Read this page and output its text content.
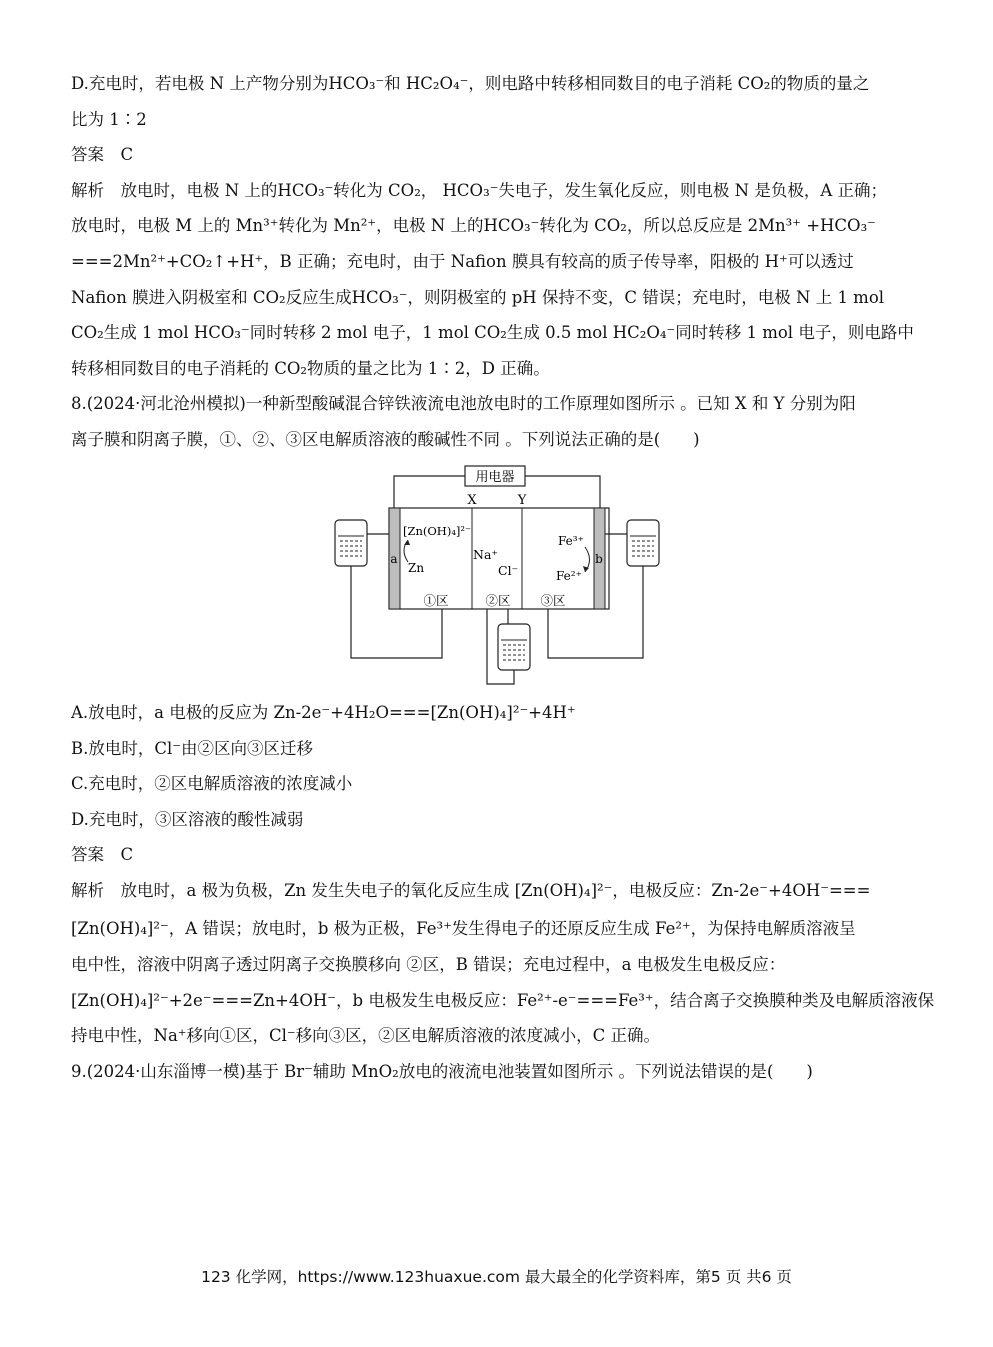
D.充电时，若电极 N 上产物分别为HCO₃⁻和 HC₂O₄⁻，则电路中转移相同数目的电子消耗 CO₂的物质的量之
比为 1∶2
答案　C
解析　放电时，电极 N 上的HCO₃⁻转化为 CO₂， HCO₃⁻失电子，发生氧化反应，则电极 N 是负极，A 正确；
放电时，电极 M 上的 Mn³⁺转化为 Mn²⁺，电极 N 上的HCO₃⁻转化为 CO₂，所以总反应是 2Mn³⁺ +HCO₃⁻
===2Mn²⁺+CO₂↑+H⁺，B 正确；充电时，由于 Nafion 膜具有较高的质子传导率，阳极的 H⁺可以透过
Nafion 膜进入阴极室和 CO₂反应生成HCO₃⁻，则阴极室的 pH 保持不变，C 错误；充电时，电极 N 上 1 mol
CO₂生成 1 mol HCO₃⁻同时转移 2 mol 电子，1 mol CO₂生成 0.5 mol HC₂O₄⁻同时转移 1 mol 电子，则电路中
转移相同数目的电子消耗的 CO₂物质的量之比为 1∶2，D 正确。
8.(2024·河北沧州模拟)一种新型酸碱混合锌铁液流电池放电时的工作原理如图所示 。已知 X 和 Y 分别为阳
离子膜和阴离子膜，①、②、③区电解质溶液的酸碱性不同 。下列说法正确的是(　　)
用电器
X	Y
a	b
[Zn(OH)₄]²⁻
Zn
Na⁺
Cl⁻
Fe³⁺
Fe²⁺
①区	②区 ③区
A.放电时，a 电极的反应为 Zn-2e⁻+4H₂O===[Zn(OH)₄]²⁻+4H⁺
B.放电时，Cl⁻由②区向③区迁移
C.充电时，②区电解质溶液的浓度减小
D.充电时，③区溶液的酸性减弱
答案　C
解析　放电时，a 极为负极，Zn 发生失电子的氧化反应生成 [Zn(OH)₄]²⁻，电极反应：Zn-2e⁻+4OH⁻===
[Zn(OH)₄]²⁻，A 错误；放电时，b 极为正极，Fe³⁺发生得电子的还原反应生成 Fe²⁺，为保持电解质溶液呈
电中性，溶液中阴离子透过阴离子交换膜移向 ②区，B 错误；充电过程中，a 电极发生电极反应：
[Zn(OH)₄]²⁻+2e⁻===Zn+4OH⁻，b 电极发生电极反应：Fe²⁺-e⁻===Fe³⁺，结合离子交换膜种类及电解质溶液保
持电中性，Na⁺移向①区，Cl⁻移向③区，②区电解质溶液的浓度减小，C 正确。
9.(2024·山东淄博一模)基于 Br⁻辅助 MnO₂放电的液流电池装置如图所示 。下列说法错误的是(　　)
123 化学网，https://www.123huaxue.com 最大最全的化学资料库，第5 页 共6 页
